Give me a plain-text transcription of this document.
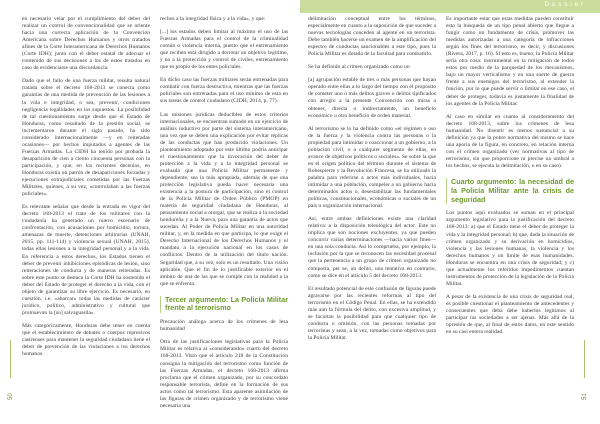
Dossier
50	51

en necesario velar por el cumplimiento del deber del realizar un control de convencionalidad que se oriente hacia una correcta aplicación de la Convención Americana sobre Derechos Humanos y otros tratados afines de la Corte Interamericana de Derechos Humanos (Corte IDH); junto con el deber estatal de adecuar el contenido de sus decisiones a los de estos tratados en caso de evidenciarse una discordancia.

Dado que el fallo de una fuerza militar, resulta natural tratada sobre el decreto 168-2013 se conecta como garantías de una medida de prevención de las lesiones a la vida e integridad, o sea, prevenir, condiciones negligencia legalidades en los supuestos. La posibilidad de tal cuestionamiento surge desde que el Estado de Honduras, como resultado de la presión social, se incrementaron durante el siglo pasado, ha sido considerado internacionalmente —y en reiteradas ocasiones— por hechos imputados a agentes de las Fuerzas Armadas. La CIDH ha tenido por probada la desaparición de cien a ciento cincuenta personas con la participación, y que, en los recientes decenios, en Honduras existía un patrón de desapariciones forzadas y ejecuciones extrajudiciales cometidas por las Fuerzas Militares, quienes, a su vez, «controlaban a las fuerzas policiales».

Es relevante señalar que desde la entrada en vigor del decreto 168-2013 el trato de los militares con la ciudadanía ha generado un nuevo escenario de confrontación, con acusaciones por homicidio, tortura, amenazas de muerte, detenciones arbitrarias (UNAH, 2015, pp. 111-114) y violencia sexual (UNAH, 2015), todas ellas lesiones a la integridad personal y a la vida. En referencia a estos derechos, los Estados tienen el deber de prevenir inhibiciones episódicas de lesión, sino reiteraciones de conducta y de maneras reiteradas. Es sobre este punto se destaca la Corte IDH ha sostenido el deber del Estado de proteger el derecho a la vida, con el objeto de garantizar su libre ejercicio. Es necesario, en cuestión, i.e. «abarcar» todas las medidas de carácter jurídico, político, administrativo y cultural que promuevan la [su] salvaguarda».

Más categóricamente, Honduras debe tener en cuenta que el establecimiento de debates o cuerpos represivos castrenses para mantener la seguridad ciudadana tiene el deber de prevención de las violaciones a los derechos humanos.

rechos a la integridad física y a la vida», y que:

[...] los estados deben limitar al máximo el uso de las Fuerzas Armadas para el control de la criminalidad común o violencia interna, puesto que el entrenamiento que reciben está dirigido a derrotar un objetivo legítimo, y no a la protección y control de civiles, entrenamiento que es propio de los entes policiales.

En dicho caso las fuerzas militares serán entrenadas para combatir con fuerza destructiva, mientras que las fuerzas policiales son entrenadas para el uso mínimo de esta en sus tareas de control ciudadano (CIDH, 2014, p. 77).

Las misiones jurídicas deducibles de estos criterios internacionales, se encuentran sumado en un ejercicio de análisis inductivo por parte del sistema interamericano, una vez que se deben una explicación por evitar réplicas de las conductas que han producido violaciones. Un planteamiento adoptado por este último podría anticipar el cuestionamiento que la invocación del deber de protección a la vida y a la integridad personal se evaluada que una Policía Militar permanente y dependiente, sea la más apropiada, además de que una protección legislativa pueda hacer necesaria una existencia a la postura de participación, sino el control de la Policía Militar de Orden Público (PMOP) en materia de seguridad ciudadana de Honduras, al pensamiento social a otorgar, que se realiza a la sociedad hondureña y a la Nueva, para una garantía de actos que sucedan. Al Poder de Policía Militar en una autoridad militar, y, en la medida en que participa, lo que exige el Derecho Internacional de los Derechos Humanos y el mandato a la ejecución nacional en los casos de conflictos. Dentro de la utilización del título nación. Seguridad que, a su vez, solo es un resultado. Una visión aplicable. Que el fin de lo justificable exterior en el ámbito de una de las que se cumple con la realidad a la que se enfrenta.

Tercer argumento: La Policía Militar frente al terrorismo

Precaución análoga acerca de los crímenes de lesa humanidad

Otra de las justificaciones legislativas para la Policía Militar es relativa al «considerando» cuarto del decreto 168-2013. Visto que el artículo 218 de la Constitución consigna la mitigación del terrorismo como función de las Fuerzas Armadas, el decreto 168-2013 afirma proclama que el crimen organizado, por su concordato responsable terrorista, define en la formación de sus actos como tal terrorismo. Esta aparente asimilación de las figuras de crimen organizado y de terrorismo viene necesaria una

delimitación conceptual entre los términos, especialmente en cuanto a la suposición de que suceder a nuevas tecnologías conceden al agente en un terrorista. Debe también hacerse un examen de la amplificación del espectro de conductas sancionables a este tipo, pues la Policía Militar es dotada de la facultad para combatirlo.

Se ha definido al crimen organizado como un

[a] agrupación estable de tres o más personas que hayan operado entre ellas a lo largo del tiempo con el propósito de cometer uno o más delitos graves o delitos tipificados con arreglo a la presente Convención con miras a obtener, directa o indirectamente, un beneficio económico u otro beneficio de orden material.

Al terrorismo se lo ha definido como «el régimen o uso de la fuerza y la violencia contra las personas o la propiedad para intimidar o coaccionar a un gobierno, a la población civil, o a cualquier segmento de ellas, en avance de objetivos políticos o sociales». Se sobre la que en el origen político del término durante el sistema de Robespierre y la Revolución Francesa, se ha utilizado la palabra para referirse a actos más individuales, hacia intimidar a una población, compeler a un gobierno hacia determinados actos o, desestabilizar las fundamentales políticas, constitucionales, económicas o sociales de un país u organización internacional.

Así, entre ambas definiciones existe una claridad relativa: a la disposición teleológica del actor. Este no implica que son nociones excluyentes, ya que pueden concurrir varias determinaciones —hacia varios fines— en una sola conducta. Así lo comprueba, por ejemplo, la inclusión por la que se reconocen las necesidad procesal que la pertenencia a un grupo de crimen organizado no comporta, per se, un delito, una tentativa en contrario, como se dice en el artículo 5 del decreto 168-2013.

El resultado potencial de este confusión de figuras puede agravarse por las recientes reformas al tipo del terrorismo en el Código Penal. En ellas, se ha extendido más aún la fórmula del delito, con excesiva amplitud, y se facultan la posibilidad para que cualquier tipo de conducta u omisión, con las personas tomadas por terroristas y sean, a la vez, tomadas como objetivos para la Policía Militar.

Es importante estar que estas medidas pueden constituir esto la búsqueda de un tipo penal abierto que llegue a fungir como un fundamento de crisis, promover las medidas autorizadas a una categoría de infracciones según los fines del terrorismo, es decir, y discusiones (Rivera, 2017, p. 16). Si esto es, bueno, la Policía Militar sería otra cosa: instrumental en la mitigación de todos estos por medio de la parquedad de los mecanismos, bajo un mayor verticalismo y en una suerte de guerra frente a sus enemigos del terrorismo, al extender la función, por lo que puede servir o limitar en ese caso, el deber de proteger, todavía es justamente la finalidad de los agentes de la Policía Militar.

Al caso en similar en cuanto al consideramento del decreto 168-2013, sobre los crímenes de lesa humanidad. No disentir es menos sustancial a su definición ya que la pobre normativa del mismo se hace una aporía de la figura, en concreto, en relación interna con el crimen organizado (ver normativas al tipo de terrorismo, sin que proporcione ni precise un umbral a los hechos, se ejecuta la delimitación, o en su caso).

Cuarto argumento: la necesidad de la Policía Militar ante la crisis de seguridad

Los puntos aquí evaluados se suman en el principal argumento legislativo para la justificación del decreto 168-2013: a) que el Estado tiene el deber de proteger la vida y la integridad personal; b) que, dada la situación de crimen organizado y su derivación en homicidios, violencia y las lesiones humanas, la violencia y los derechos humanos y un limite de esas humanidades. Honduras se encuentra en una crisis de seguridad; y c) que actualmente los referidos impedimentos cuentan instrumentos de protección de la legislación de la Policía Militar.

A pesar de la existencia de una crisis de seguridad real, es posible cuestionar el planteamiento de antecedentes y consecuentes que deba debe haberlos legítimos al participar las sociedades a ser ajenas. Más allá de la opresión de que, al final de estos datos, en este sentido en su casi entera realidad.
